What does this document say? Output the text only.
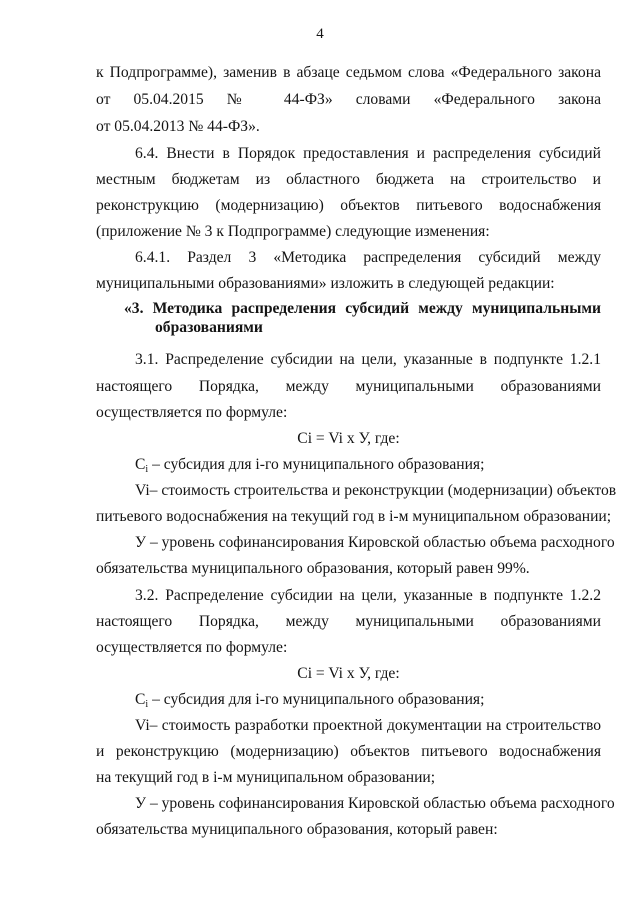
4
к Подпрограмме), заменив в абзаце седьмом слова «Федерального закона
от 05.04.2015 № 44-ФЗ» словами «Федерального закона
от 05.04.2013 № 44-ФЗ».
6.4. Внести в Порядок предоставления и распределения субсидий
местным бюджетам из областного бюджета на строительство и
реконструкцию (модернизацию) объектов питьевого водоснабжения
(приложение № 3 к Подпрограмме) следующие изменения:
6.4.1. Раздел 3 «Методика распределения субсидий между
муниципальными образованиями» изложить в следующей редакции:
«3. Методика распределения субсидий между муниципальными
образованиями
3.1. Распределение субсидии на цели, указанные в подпункте 1.2.1
настоящего Порядка, между муниципальными образованиями
осуществляется по формуле:
Ci = Vi x У, где:
$C_i$ – субсидия для i-го муниципального образования;
Vi– стоимость строительства и реконструкции (модернизации) объектов
питьевого водоснабжения на текущий год в i-м муниципальном образовании;
У – уровень софинансирования Кировской областью объема расходного
обязательства муниципального образования, который равен 99%.
3.2. Распределение субсидии на цели, указанные в подпункте 1.2.2
настоящего Порядка, между муниципальными образованиями
осуществляется по формуле:
Ci = Vi x У, где:
$C_i$ – субсидия для i-го муниципального образования;
Vi– стоимость разработки проектной документации на строительство
и реконструкцию (модернизацию) объектов питьевого водоснабжения
на текущий год в i-м муниципальном образовании;
У – уровень софинансирования Кировской областью объема расходного
обязательства муниципального образования, который равен:
